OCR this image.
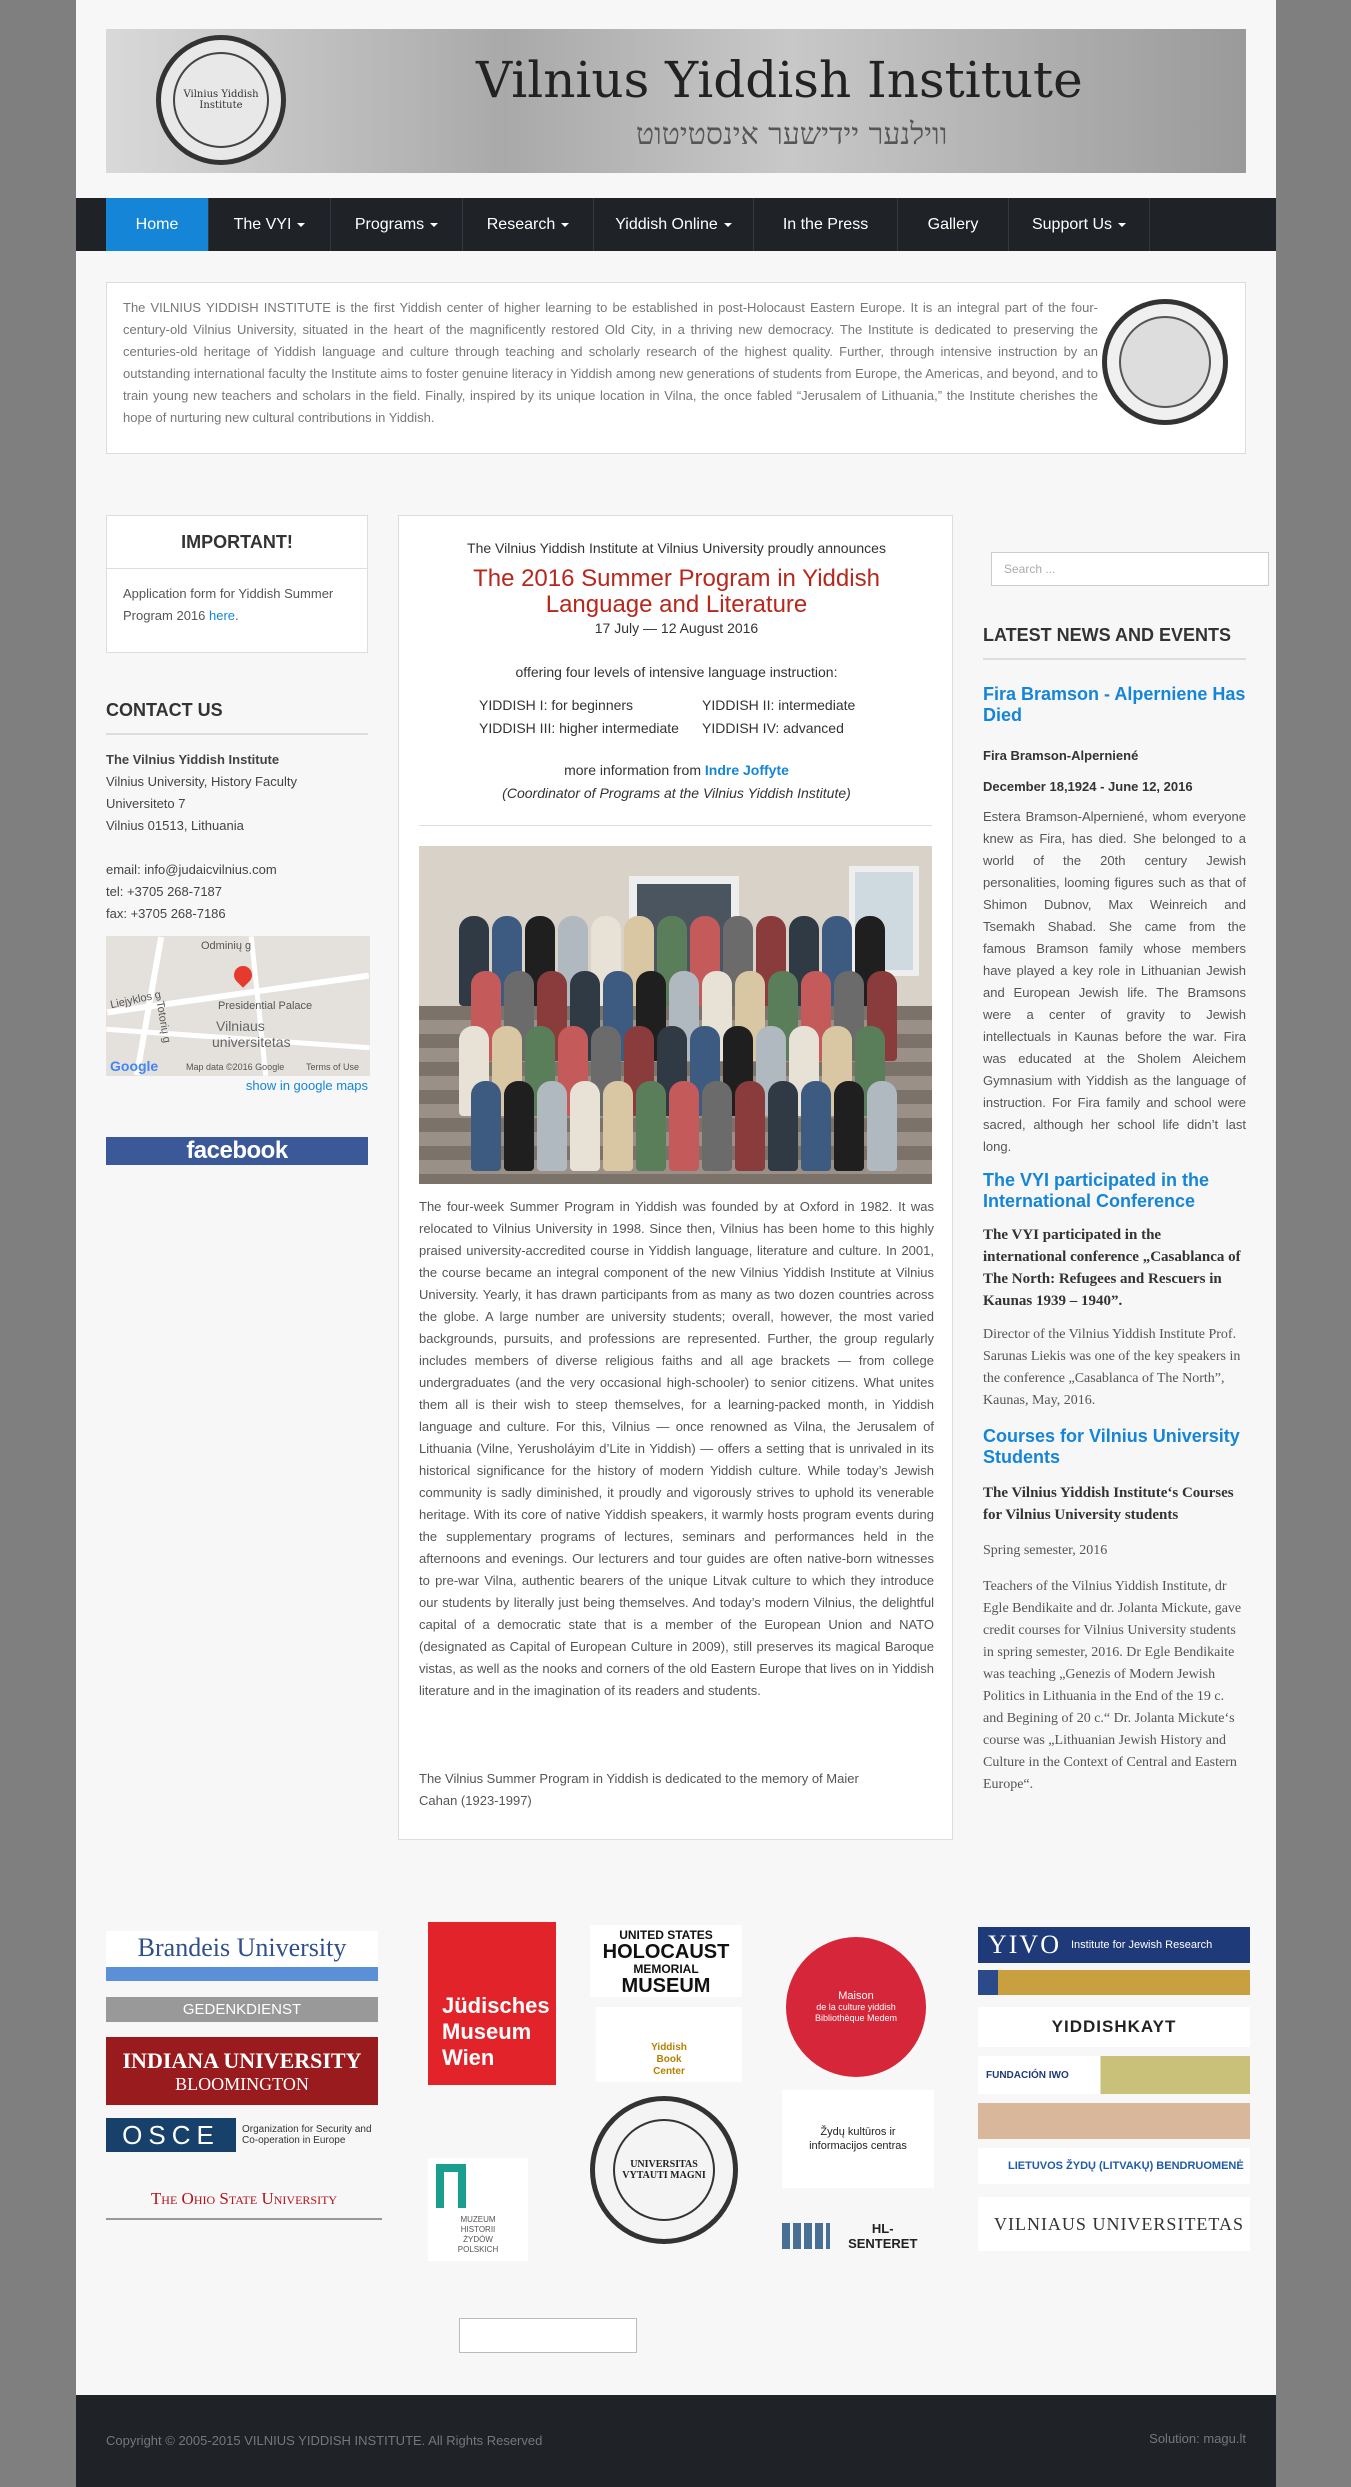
Vilnius Yiddish Institute	Vilnius Yiddish Institute
ווילנער יידישער אינסטיטוט
Home	The VYI	Programs	Research	Yiddish Online	In the Press	Gallery	Support Us

The VILNIUS YIDDISH INSTITUTE is the first Yiddish center of higher learning to be established in post-Holocaust Eastern Europe. It is an integral part of the four-century-old Vilnius University, situated in the heart of the magnificently restored Old City, in a thriving new democracy. The Institute is dedicated to preserving the centuries-old heritage of Yiddish language and culture through teaching and scholarly research of the highest quality. Further, through intensive instruction by an outstanding international faculty the Institute aims to foster genuine literacy in Yiddish among new generations of students from Europe, the Americas, and beyond, and to train young new teachers and scholars in the field. Finally, inspired by its unique location in Vilna, the once fabled “Jerusalem of Lithuania,” the Institute cherishes the hope of nurturing new cultural contributions in Yiddish.

IMPORTANT!

Application form for Yiddish Summer Program 2016 here.

CONTACT US
The Vilnius Yiddish Institute
Vilnius University, History Faculty
Universiteto 7
Vilnius 01513, Lithuania
email: info@judaicvilnius.com
tel: +3705 268-7187
fax: +3705 268-7186
Liejyklos g
Odminių g
Totorių g	Presidential Palace
Vilniaus
universitetas
Google	Map data ©2016 Google Terms of Use
show in google maps
facebook
The Vilnius Yiddish Institute at Vilnius University proudly announces
The 2016 Summer Program in Yiddish Language and Literature
17 July — 12 August 2016
offering four levels of intensive language instruction:
YIDDISH I: for beginners	YIDDISH II: intermediate
YIDDISH III: higher intermediate	YIDDISH IV: advanced
more information from Indre Joffyte
(Coordinator of Programs at the Vilnius Yiddish Institute)

The four-week Summer Program in Yiddish was founded by at Oxford in 1982. It was relocated to Vilnius University in 1998. Since then, Vilnius has been home to this highly praised university-accredited course in Yiddish language, literature and culture. In 2001, the course became an integral component of the new Vilnius Yiddish Institute at Vilnius University. Yearly, it has drawn participants from as many as two dozen countries across the globe. A large number are university students; overall, however, the most varied backgrounds, pursuits, and professions are represented. Further, the group regularly includes members of diverse religious faiths and all age brackets — from college undergraduates (and the very occasional high-schooler) to senior citizens. What unites them all is their wish to steep themselves, for a learning-packed month, in Yiddish language and culture. For this, Vilnius — once renowned as Vilna, the Jerusalem of Lithuania (Vilne, Yerusholáyim d’Lite in Yiddish) — offers a setting that is unrivaled in its historical significance for the history of modern Yiddish culture. While today’s Jewish community is sadly diminished, it proudly and vigorously strives to uphold its venerable heritage. With its core of native Yiddish speakers, it warmly hosts program events during the supplementary programs of lectures, seminars and performances held in the afternoons and evenings. Our lecturers and tour guides are often native-born witnesses to pre-war Vilna, authentic bearers of the unique Litvak culture to which they introduce our students by literally just being themselves. And today’s modern Vilnius, the delightful capital of a democratic state that is a member of the European Union and NATO (designated as Capital of European Culture in 2009), still preserves its magical Baroque vistas, as well as the nooks and corners of the old Eastern Europe that lives on in Yiddish literature and in the imagination of its readers and students.

The Vilnius Summer Program in Yiddish is dedicated to the memory of Maier Cahan (1923-1997)

Search ...
LATEST NEWS AND EVENTS

Fira Bramson - Alperniene Has Died

Fira Bramson-Alperniené

December 18,1924 - June 12, 2016

Estera Bramson-Alperniené, whom everyone knew as Fira, has died. She belonged to a world of the 20th century Jewish personalities, looming figures such as that of Shimon Dubnov, Max Weinreich and Tsemakh Shabad. She came from the famous Bramson family whose members have played a key role in Lithuanian Jewish and European Jewish life. The Bramsons were a center of gravity to Jewish intellectuals in Kaunas before the war. Fira was educated at the Sholem Aleichem Gymnasium with Yiddish as the language of instruction. For Fira family and school were sacred, although her school life didn’t last long.

The VYI participated in the International Conference

The VYI participated in the international conference „Casablanca of The North: Refugees and Rescuers in Kaunas 1939 – 1940”.

Director of the Vilnius Yiddish Institute Prof. Sarunas Liekis was one of the key speakers in the conference „Casablanca of The North”, Kaunas, May, 2016.

Courses for Vilnius University Students

The Vilnius Yiddish Institute‘s Courses for Vilnius University students

Spring semester, 2016

Teachers of the Vilnius Yiddish Institute, dr Egle Bendikaite and dr. Jolanta Mickute, gave credit courses for Vilnius University students in spring semester, 2016. Dr Egle Bendikaite was teaching „Genezis of Modern Jewish Politics in Lithuania in the End of the 19 c. and Begining of 20 c.“ Dr. Jolanta Mickute‘s course was „Lithuanian Jewish History and Culture in the Context of Central and Eastern Europe“.

Brandeis University
GEDENKDIENST
INDIANA UNIVERSITY
BLOOMINGTON
OSCE	Organization for Security and
Co-operation in Europe
The Ohio State University
Jüdisches
Museum
Wien
MUZEUM
HISTORII
ŻYDÓW
POLSKICH
UNITED STATES
HOLOCAUST
MEMORIAL
MUSEUM
Yiddish
Book
Center
UNIVERSITAS VYTAUTI MAGNI
Maison
de la culture yiddish
Bibliothèque Medem
Žydų kultūros ir informacijos centras
HL-SENTERET
YIVO Institute for Jewish Research
YIDDISHKAYT
FUNDACIÓN IWO
LIETUVOS ŽYDŲ (LITVAKŲ) BENDRUOMENĖ
VILNIAUS UNIVERSITETAS
Copyright © 2005-2015 VILNIUS YIDDISH INSTITUTE. All Rights Reserved	Solution: magu.lt
